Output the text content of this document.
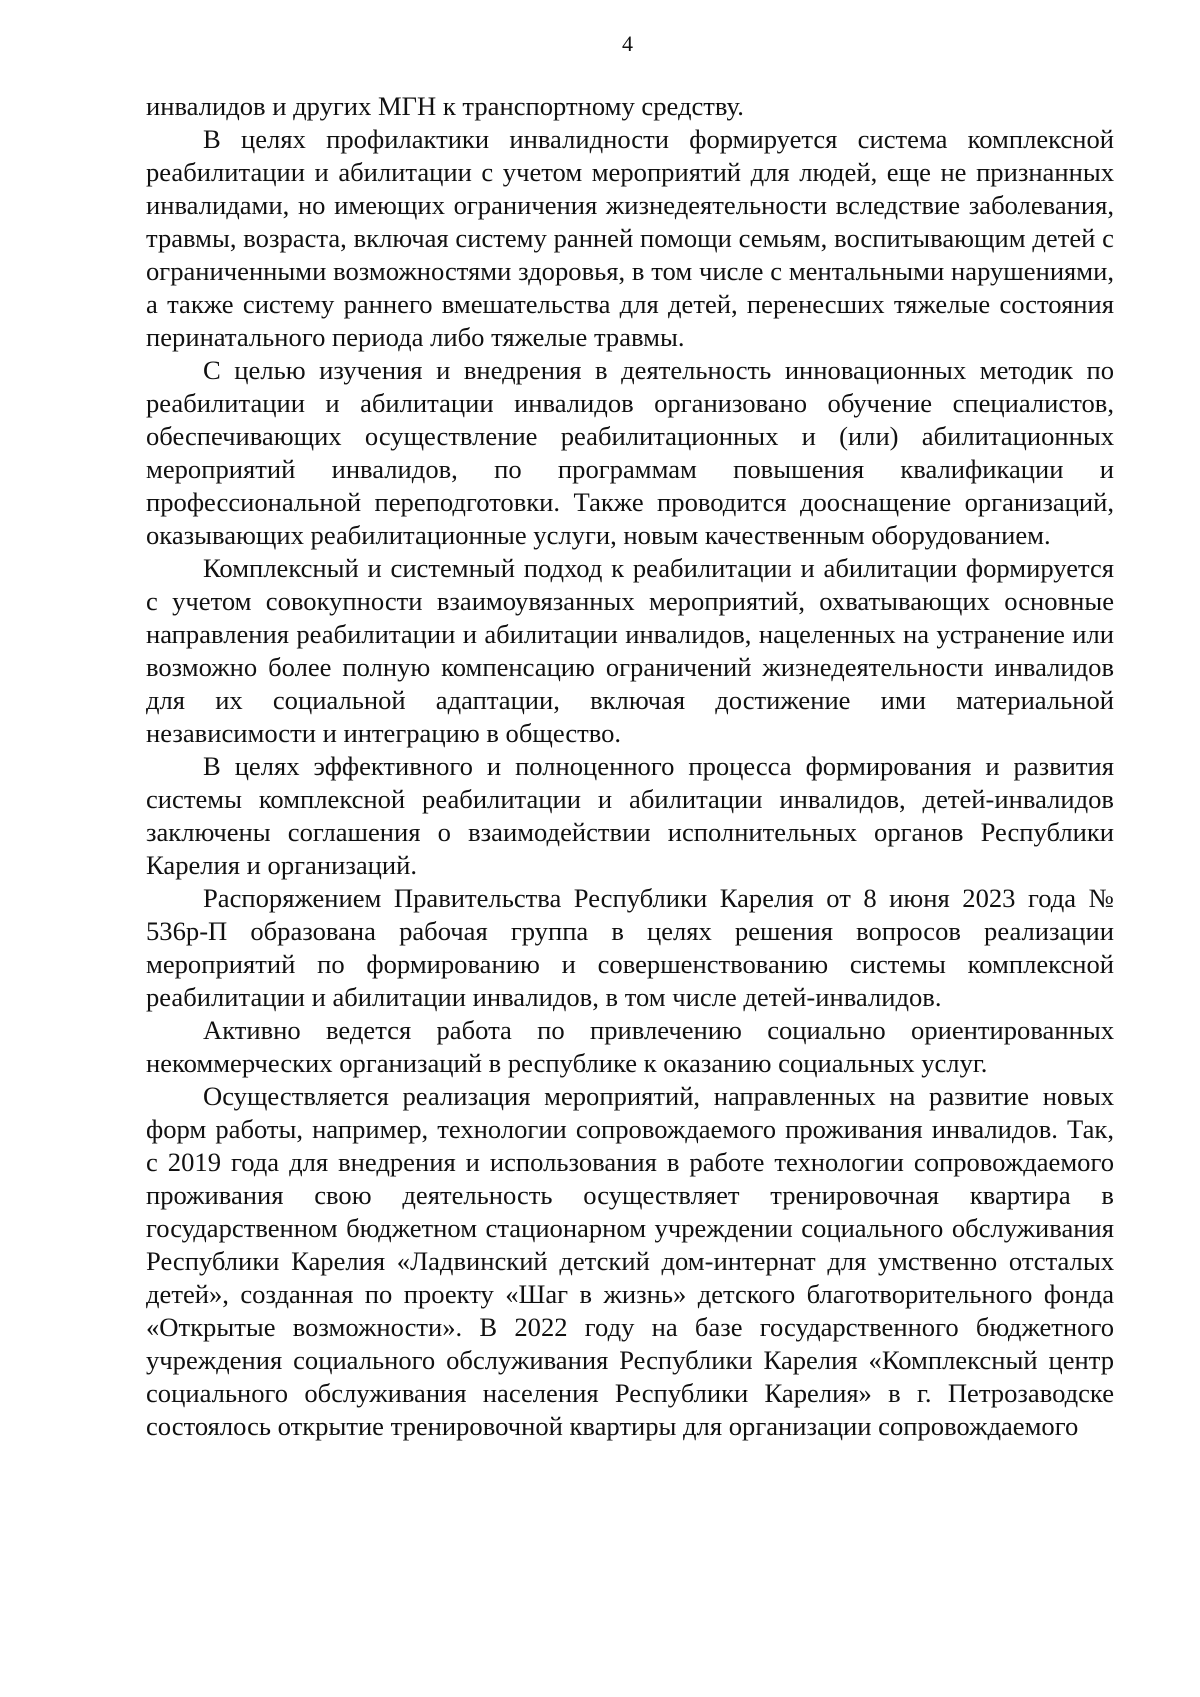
4

инвалидов и других МГН к транспортному средству.

В целях профилактики инвалидности формируется система комплексной реабилитации и абилитации с учетом мероприятий для людей, еще не признанных инвалидами, но имеющих ограничения жизнедеятельности вследствие заболевания, травмы, возраста, включая систему ранней помощи семьям, воспитывающим детей с ограниченными возможностями здоровья, в том числе с ментальными нарушениями, а также систему раннего вмешательства для детей, перенесших тяжелые состояния перинатального периода либо тяжелые травмы.

С целью изучения и внедрения в деятельность инновационных методик по реабилитации и абилитации инвалидов организовано обучение специалистов, обеспечивающих осуществление реабилитационных и (или) абилитационных мероприятий инвалидов, по программам повышения квалификации и профессиональной переподготовки. Также проводится дооснащение организаций, оказывающих реабилитационные услуги, новым качественным оборудованием.

Комплексный и системный подход к реабилитации и абилитации формируется с учетом совокупности взаимоувязанных мероприятий, охватывающих основные направления реабилитации и абилитации инвалидов, нацеленных на устранение или возможно более полную компенсацию ограничений жизнедеятельности инвалидов для их социальной адаптации, включая достижение ими материальной независимости и интеграцию в общество.

В целях эффективного и полноценного процесса формирования и развития системы комплексной реабилитации и абилитации инвалидов, детей-инвалидов заключены соглашения о взаимодействии исполнительных органов Республики Карелия и организаций.

Распоряжением Правительства Республики Карелия от 8 июня 2023 года № 536р-П образована рабочая группа в целях решения вопросов реализации мероприятий по формированию и совершенствованию системы комплексной реабилитации и абилитации инвалидов, в том числе детей-инвалидов.

Активно ведется работа по привлечению социально ориентированных некоммерческих организаций в республике к оказанию социальных услуг.

Осуществляется реализация мероприятий, направленных на развитие новых форм работы, например, технологии сопровождаемого проживания инвалидов. Так, с 2019 года для внедрения и использования в работе технологии сопровождаемого проживания свою деятельность осуществляет тренировочная квартира в государственном бюджетном стационарном учреждении социального обслуживания Республики Карелия «Ладвинский детский дом-интернат для умственно отсталых детей», созданная по проекту «Шаг в жизнь» детского благотворительного фонда «Открытые возможности». В 2022 году на базе государственного бюджетного учреждения социального обслуживания Республики Карелия «Комплексный центр социального обслуживания населения Республики Карелия» в г. Петрозаводске состоялось открытие тренировочной квартиры для организации сопровождаемого
